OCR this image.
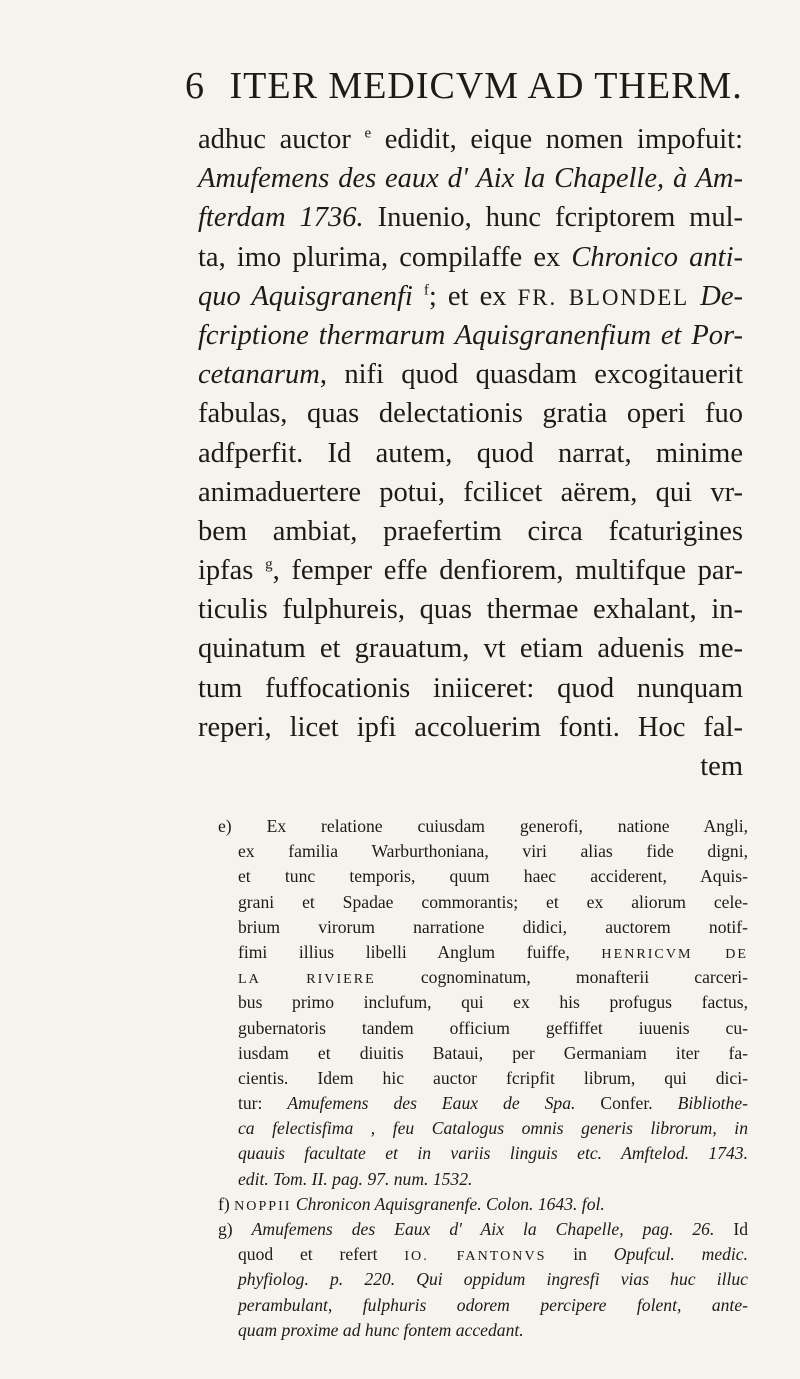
6 ITER MEDICVM AD THERM.
adhuc auctor $^e$ edidit, eique nomen impofuit:
Amufemens des eaux d' Aix la Chapelle, à Am-
fterdam 1736. Inuenio, hunc fcriptorem mul-
ta, imo plurima, compilaffe ex Chronico anti-
quo Aquisgranenfi $^f$; et ex FR. BLONDEL De-
fcriptione thermarum Aquisgranenfium et Por-
cetanarum, nifi quod quasdam excogitauerit
fabulas, quas delectationis gratia operi fuo
adfperfit. Id autem, quod narrat, minime
animaduertere potui, fcilicet aërem, qui vr-
bem ambiat, praefertim circa fcaturigines
ipfas $^g$, femper effe denfiorem, multifque par-
ticulis fulphureis, quas thermae exhalant, in-
quinatum et grauatum, vt etiam aduenis me-
tum fuffocationis iniiceret: quod nunquam
reperi, licet ipfi accoluerim fonti. Hoc fal-
tem
e) Ex relatione cuiusdam generofi, natione Angli,
ex familia Warburthoniana, viri alias fide digni,
et tunc temporis, quum haec acciderent, Aquis-
grani et Spadae commorantis; et ex aliorum cele-
brium virorum narratione didici, auctorem notif-
fimi illius libelli Anglum fuiffe, HENRICVM DE
LA RIVIERE cognominatum, monafterii carceri-
bus primo inclufum, qui ex his profugus factus,
gubernatoris tandem officium geffiffet iuuenis cu-
iusdam et diuitis Bataui, per Germaniam iter fa-
cientis. Idem hic auctor fcripfit librum, qui dici-
tur: Amufemens des Eaux de Spa. Confer. Bibliothe-
ca felectisfima , feu Catalogus omnis generis librorum, in
quauis facultate et in variis linguis etc. Amftelod. 1743.
edit. Tom. II. pag. 97. num. 1532.
f) NOPPII Chronicon Aquisgranenfe. Colon. 1643. fol.
g) Amufemens des Eaux d' Aix la Chapelle, pag. 26. Id
quod et refert IO. FANTONVS in Opufcul. medic.
phyfiolog. p. 220. Qui oppidum ingresfi vias huc illuc
perambulant, fulphuris odorem percipere folent, ante-
quam proxime ad hunc fontem accedant.
